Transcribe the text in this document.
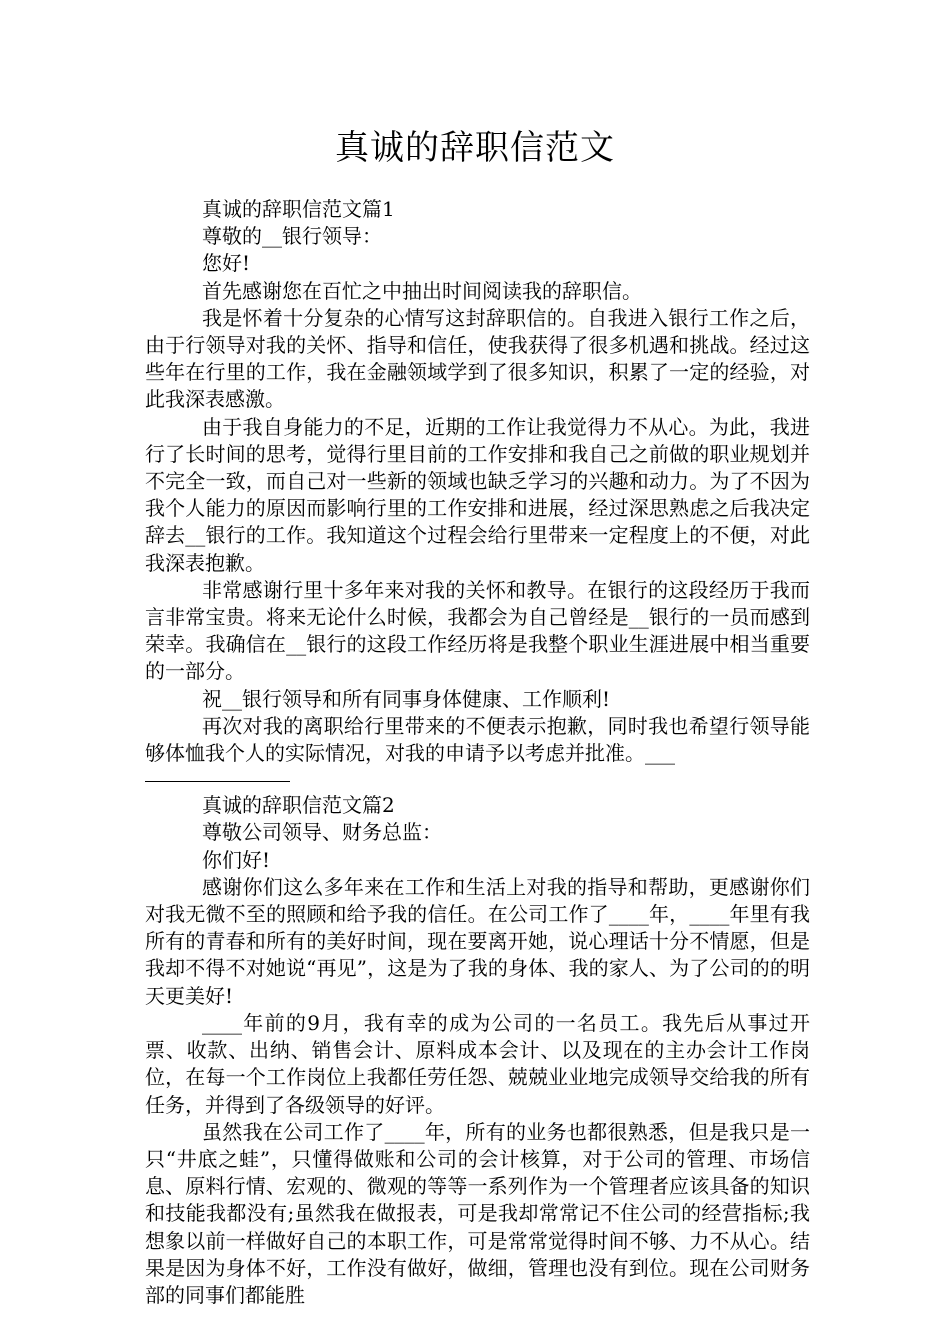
真诚的辞职信范文

真诚的辞职信范文篇1

尊敬的__银行领导：

您好!

首先感谢您在百忙之中抽出时间阅读我的辞职信。

我是怀着十分复杂的心情写这封辞职信的。自我进入银行工作之后，由于行领导对我的关怀、指导和信任，使我获得了很多机遇和挑战。经过这些年在行里的工作，我在金融领域学到了很多知识，积累了一定的经验，对此我深表感激。

由于我自身能力的不足，近期的工作让我觉得力不从心。为此，我进行了长时间的思考，觉得行里目前的工作安排和我自己之前做的职业规划并不完全一致，而自己对一些新的领域也缺乏学习的兴趣和动力。为了不因为我个人能力的原因而影响行里的工作安排和进展，经过深思熟虑之后我决定辞去__银行的工作。我知道这个过程会给行里带来一定程度上的不便，对此我深表抱歉。

非常感谢行里十多年来对我的关怀和教导。在银行的这段经历于我而言非常宝贵。将来无论什么时候，我都会为自己曾经是__银行的一员而感到荣幸。我确信在__银行的这段工作经历将是我整个职业生涯进展中相当重要的一部分。

祝__银行领导和所有同事身体健康、工作顺利!

再次对我的离职给行里带来的不便表示抱歉，同时我也希望行领导能够体恤我个人的实际情况，对我的申请予以考虑并批准。___

真诚的辞职信范文篇2

尊敬公司领导、财务总监：

你们好!

感谢你们这么多年来在工作和生活上对我的指导和帮助，更感谢你们对我无微不至的照顾和给予我的信任。在公司工作了____年，____年里有我所有的青春和所有的美好时间，现在要离开她，说心理话十分不情愿，但是我却不得不对她说“再见”，这是为了我的身体、我的家人、为了公司的的明天更美好!

____年前的9月，我有幸的成为公司的一名员工。我先后从事过开票、收款、出纳、销售会计、原料成本会计、以及现在的主办会计工作岗位，在每一个工作岗位上我都任劳任怨、兢兢业业地完成领导交给我的所有任务，并得到了各级领导的好评。

虽然我在公司工作了____年，所有的业务也都很熟悉，但是我只是一只“井底之蛙”，只懂得做账和公司的会计核算，对于公司的管理、市场信息、原料行情、宏观的、微观的等等一系列作为一个管理者应该具备的知识和技能我都没有;虽然我在做报表，可是我却常常记不住公司的经营指标;我想象以前一样做好自己的本职工作，可是常常觉得时间不够、力不从心。结果是因为身体不好，工作没有做好，做细，管理也没有到位。现在公司财务部的同事们都能胜
